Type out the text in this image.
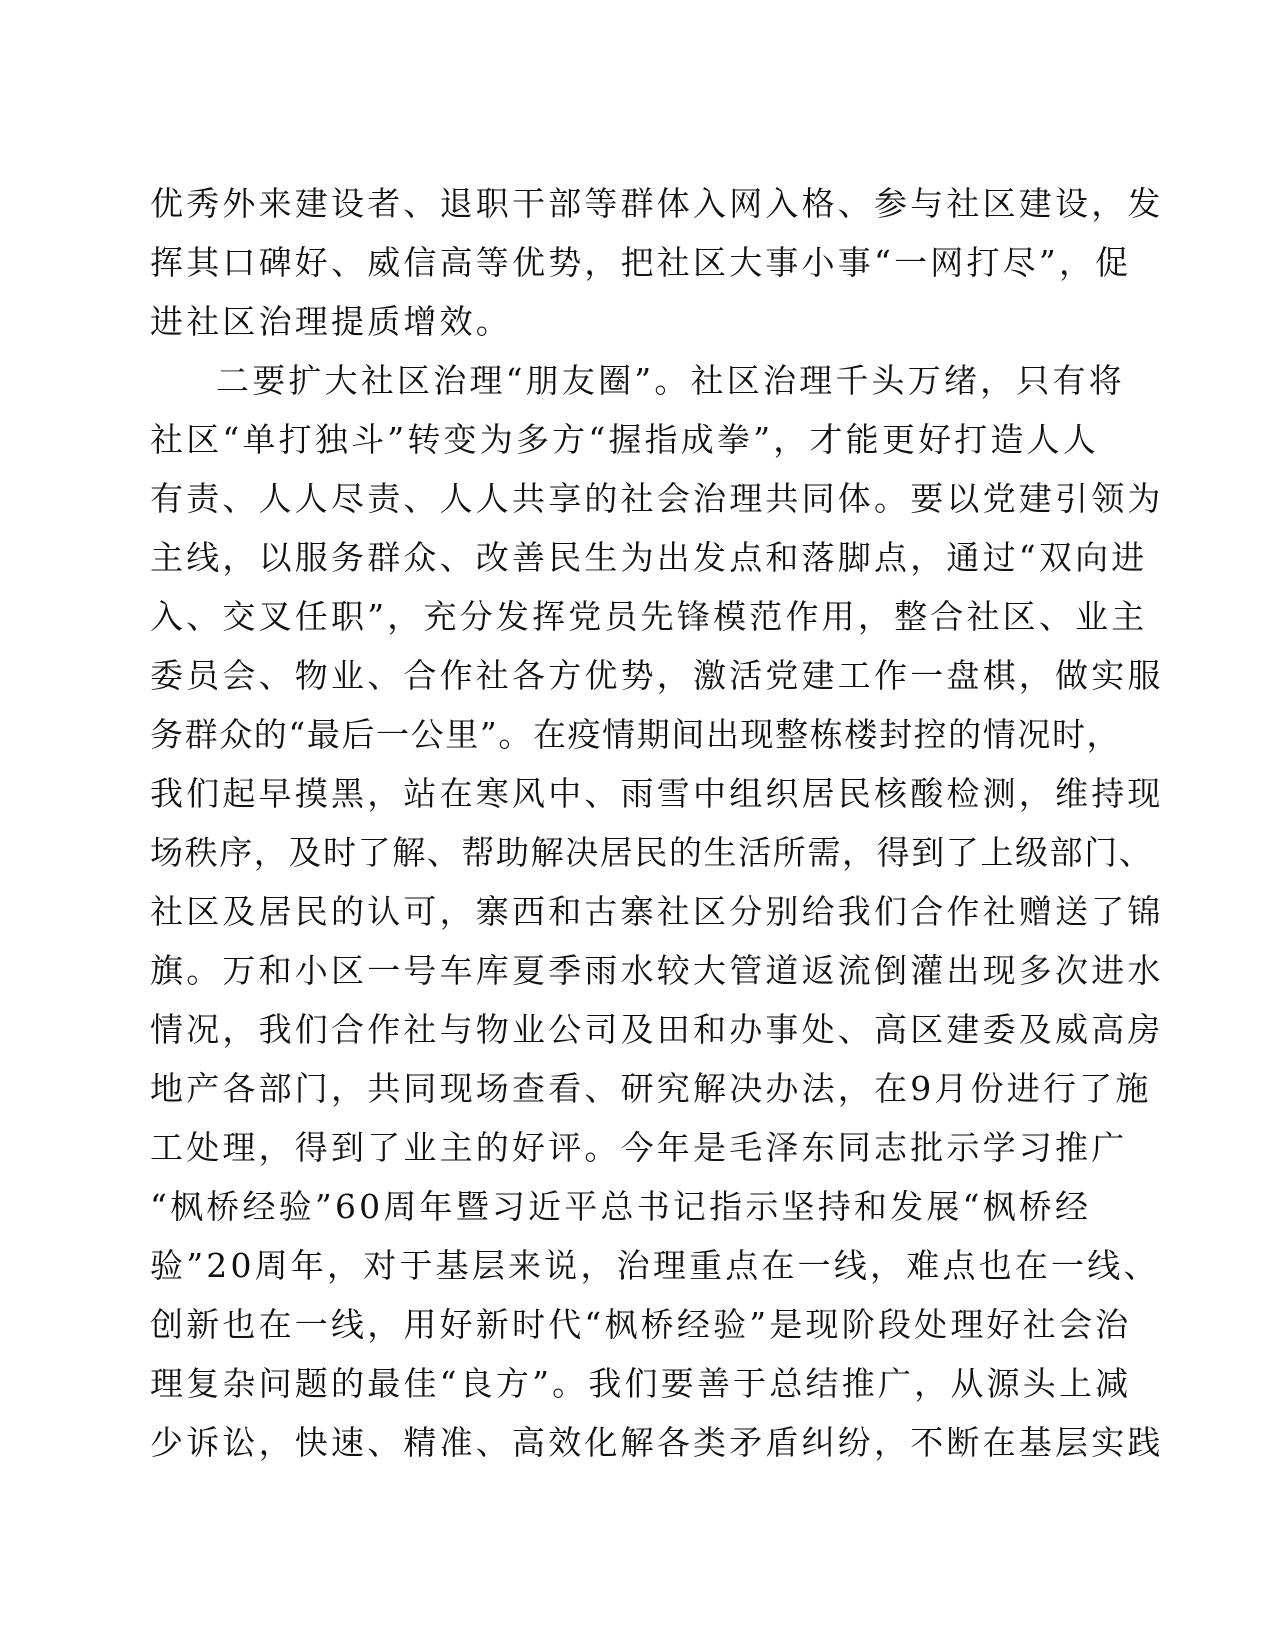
优秀外来建设者、退职干部等群体入网入格、参与社区建设，发
挥其口碑好、威信高等优势，把社区大事小事“一网打尽”，促
进社区治理提质增效。
二要扩大社区治理“朋友圈”。社区治理千头万绪，只有将
社区“单打独斗”转变为多方“握指成拳”，才能更好打造人人
有责、人人尽责、人人共享的社会治理共同体。要以党建引领为
主线，以服务群众、改善民生为出发点和落脚点，通过“双向进
入、交叉任职”，充分发挥党员先锋模范作用，整合社区、业主
委员会、物业、合作社各方优势，激活党建工作一盘棋，做实服
务群众的“最后一公里”。在疫情期间出现整栋楼封控的情况时，
我们起早摸黑，站在寒风中、雨雪中组织居民核酸检测，维持现
场秩序，及时了解、帮助解决居民的生活所需，得到了上级部门、
社区及居民的认可，寨西和古寨社区分别给我们合作社赠送了锦
旗。万和小区一号车库夏季雨水较大管道返流倒灌出现多次进水
情况，我们合作社与物业公司及田和办事处、高区建委及威高房
地产各部门，共同现场查看、研究解决办法，在9月份进行了施
工处理，得到了业主的好评。今年是毛泽东同志批示学习推广
“枫桥经验”60周年暨习近平总书记指示坚持和发展“枫桥经
验”20周年，对于基层来说，治理重点在一线，难点也在一线、
创新也在一线，用好新时代“枫桥经验”是现阶段处理好社会治
理复杂问题的最佳“良方”。我们要善于总结推广，从源头上减
少诉讼，快速、精准、高效化解各类矛盾纠纷，不断在基层实践
